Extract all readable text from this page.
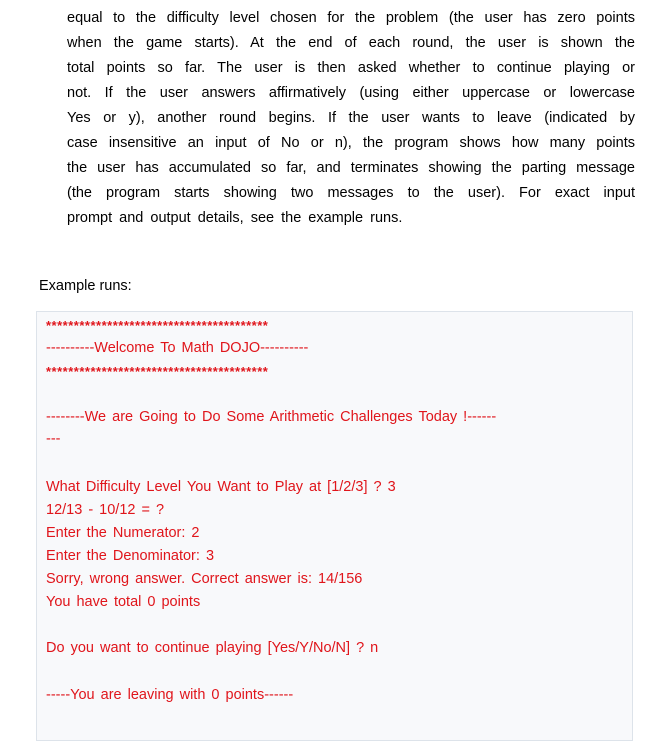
equal to the difficulty level chosen for the problem (the user has zero points
when the game starts). At the end of each round, the user is shown the
total points so far. The user is then asked whether to continue playing or
not. If the user answers affirmatively (using either uppercase or lowercase
Yes or y), another round begins. If the user wants to leave (indicated by
case insensitive an input of No or n), the program shows how many points
the user has accumulated so far, and terminates showing the parting message
(the program starts showing two messages to the user). For exact input
prompt and output details, see the example runs.
Example runs:
****************************************
----------Welcome To Math DOJO----------
****************************************
--------We are Going to Do Some Arithmetic Challenges Today !------
---
What Difficulty Level You Want to Play at [1/2/3] ? 3
12/13 - 10/12 = ?
Enter the Numerator: 2
Enter the Denominator: 3
Sorry, wrong answer. Correct answer is: 14/156
You have total 0 points
Do you want to continue playing [Yes/Y/No/N] ? n
-----You are leaving with 0 points------
